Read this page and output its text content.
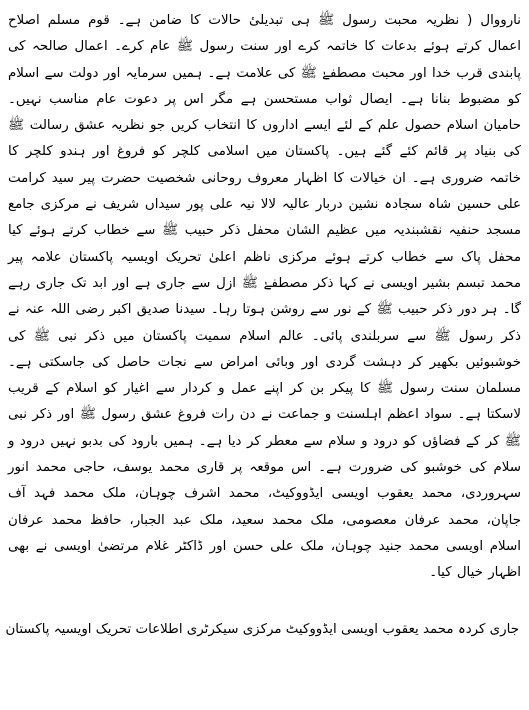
نارووال ( نظریہ محبت رسول ﷺ ہی تبدیلیٔ حالات کا ضامن ہے۔ قوم مسلم اصلاح اعمال کرتے ہوئے بدعات کا خاتمہ کرے اور سنت رسول ﷺ عام کرے۔ اعمال صالحہ کی پابندی قرب خدا اور محبت مصطفےٰ ﷺ کی علامت ہے۔ ہمیں سرمایہ اور دولت سے اسلام کو مضبوط بنانا ہے۔ ایصال ثواب مستحسن ہے مگر اس پر دعوت عام مناسب نہیں۔ حامیان اسلام حصول علم کے لئے ایسے اداروں کا انتخاب کریں جو نظریہ عشق رسالت ﷺ کی بنیاد پر قائم کئے گئے ہیں۔ پاکستان میں اسلامی کلچر کو فروغ اور ہندو کلچر کا خاتمہ ضروری ہے۔ ان خیالات کا اظہار معروف روحانی شخصیت حضرت پیر سید کرامت علی حسین شاہ سجادہ نشین دربار عالیہ لالا نیہ علی پور سیداں شریف نے مرکزی جامع مسجد حنفیہ نقشبندیہ میں عظیم الشان محفل ذکر حبیب ﷺ سے خطاب کرتے ہوئے کیا محفل پاک سے خطاب کرتے ہوئے مرکزی ناظم اعلیٰ تحریک اویسیہ پاکستان علامہ پیر محمد تبسم بشیر اویسی نے کہا ذکر مصطفےٰ ﷺ ازل سے جاری ہے اور ابد تک جاری رہے گا۔ ہر دور ذکر حبیب ﷺ کے نور سے روشن ہوتا رہا۔ سیدنا صدیق اکبر رضی اللہ عنہ نے ذکر رسول ﷺ سے سربلندی پائی۔ عالم اسلام سمیت پاکستان میں ذکر نبی ﷺ کی خوشبوئیں بکھیر کر دہشت گردی اور وبائی امراض سے نجات حاصل کی جاسکتی ہے۔ مسلمان سنت رسول ﷺ کا پیکر بن کر اپنے عمل و کردار سے اغیار کو اسلام کے قریب لاسکتا ہے۔ سواد اعظم اہلسنت و جماعت نے دن رات فروغ عشق رسول ﷺ اور ذکر نبی ﷺ کر کے فضاؤں کو درود و سلام سے معطر کر دیا ہے۔ ہمیں بارود کی بدبو نہیں درود و سلام کی خوشبو کی ضرورت ہے۔ اس موقعہ پر قاری محمد یوسف، حاجی محمد انور سہروردی، محمد یعقوب اویسی ایڈووکیٹ، محمد اشرف چوہان، ملک محمد فہد آف جاپان، محمد عرفان معصومی، ملک محمد سعید، ملک عبد الجبار، حافظ محمد عرفان اسلام اویسی محمد جنید چوہان، ملک علی حسن اور ڈاکٹر غلام مرتضیٰ اویسی نے بھی اظہار خیال کیا۔

جاری کردہ محمد یعقوب اویسی ایڈووکیٹ مرکزی سیکرٹری اطلاعات تحریک اویسیہ پاکستان
